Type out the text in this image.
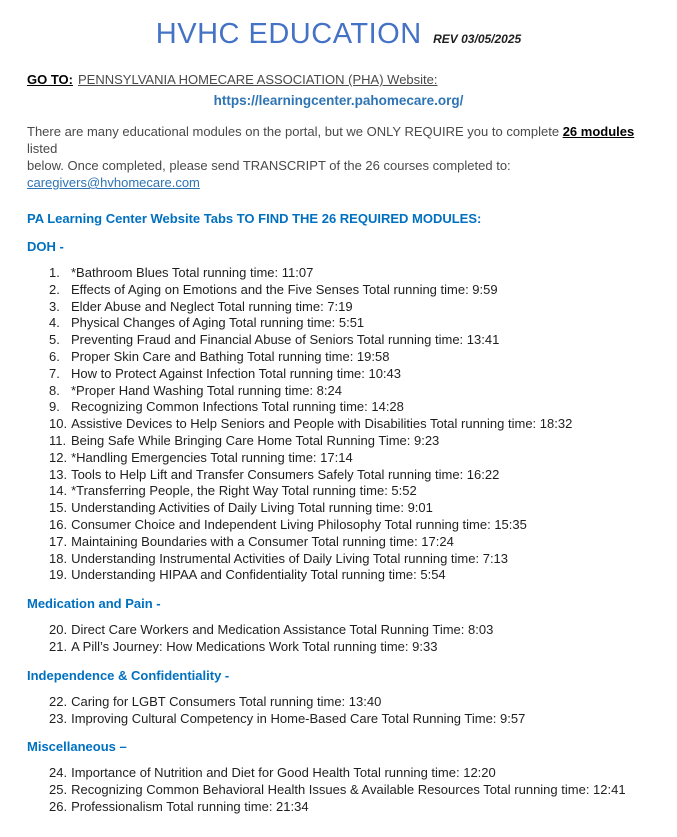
HVHC EDUCATION REV 03/05/2025
GO TO: PENNSYLVANIA HOMECARE ASSOCIATION (PHA) Website:
https://learningcenter.pahomecare.org/
There are many educational modules on the portal, but we ONLY REQUIRE you to complete 26 modules listed
below. Once completed, please send TRANSCRIPT of the 26 courses completed to:
caregivers@hvhomecare.com
PA Learning Center Website Tabs TO FIND THE 26 REQUIRED MODULES:
DOH -
1. *Bathroom Blues Total running time: 11:07
2. Effects of Aging on Emotions and the Five Senses Total running time: 9:59
3. Elder Abuse and Neglect Total running time: 7:19
4. Physical Changes of Aging Total running time: 5:51
5. Preventing Fraud and Financial Abuse of Seniors Total running time: 13:41
6. Proper Skin Care and Bathing Total running time: 19:58
7. How to Protect Against Infection Total running time: 10:43
8. *Proper Hand Washing Total running time: 8:24
9. Recognizing Common Infections Total running time: 14:28
10. Assistive Devices to Help Seniors and People with Disabilities Total running time: 18:32
11. Being Safe While Bringing Care Home Total Running Time: 9:23
12. *Handling Emergencies Total running time: 17:14
13. Tools to Help Lift and Transfer Consumers Safely Total running time: 16:22
14. *Transferring People, the Right Way Total running time: 5:52
15. Understanding Activities of Daily Living Total running time: 9:01
16. Consumer Choice and Independent Living Philosophy Total running time: 15:35
17. Maintaining Boundaries with a Consumer Total running time: 17:24
18. Understanding Instrumental Activities of Daily Living Total running time: 7:13
19. Understanding HIPAA and Confidentiality Total running time: 5:54
Medication and Pain -
20. Direct Care Workers and Medication Assistance Total Running Time: 8:03
21. A Pill’s Journey: How Medications Work Total running time: 9:33
Independence & Confidentiality -
22. Caring for LGBT Consumers Total running time: 13:40
23. Improving Cultural Competency in Home-Based Care Total Running Time: 9:57
Miscellaneous –
24. Importance of Nutrition and Diet for Good Health Total running time: 12:20
25. Recognizing Common Behavioral Health Issues & Available Resources Total running time: 12:41
26. Professionalism Total running time: 21:34
